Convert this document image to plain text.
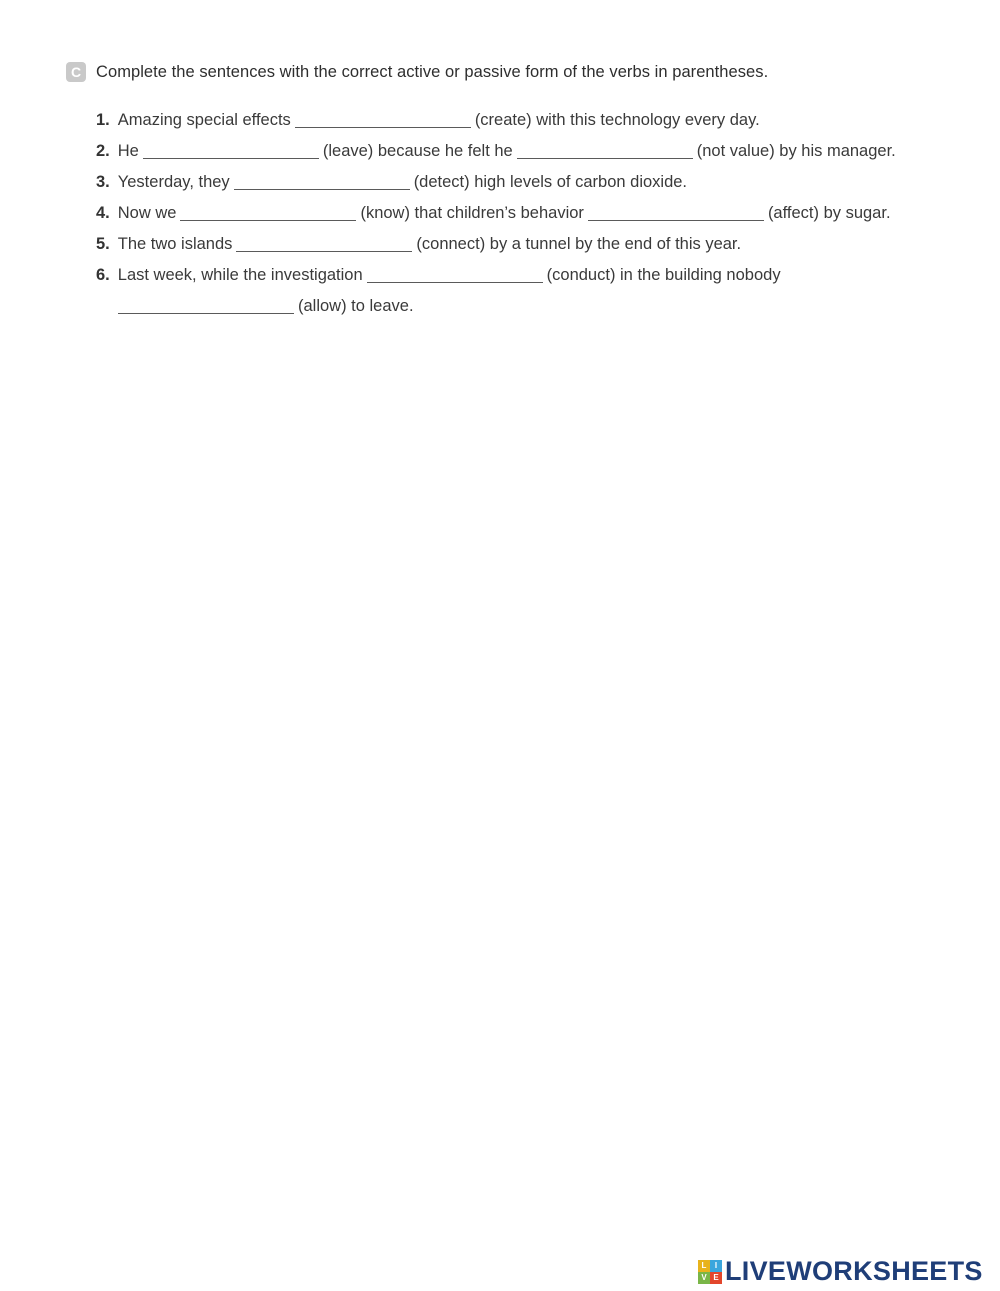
C Complete the sentences with the correct active or passive form of the verbs in parentheses.
1. Amazing special effects	(create) with this technology every day.
2. He	(leave) because he felt he	(not value) by his manager.
3. Yesterday, they	(detect) high levels of carbon dioxide.
4. Now we	(know) that children’s behavior	(affect) by sugar.
5. The two islands	(connect) by a tunnel by the end of this year.
6. Last week, while the investigation	(conduct) in the building nobody
(allow) to leave.
L	I
V E LIVEWORKSHEETS
